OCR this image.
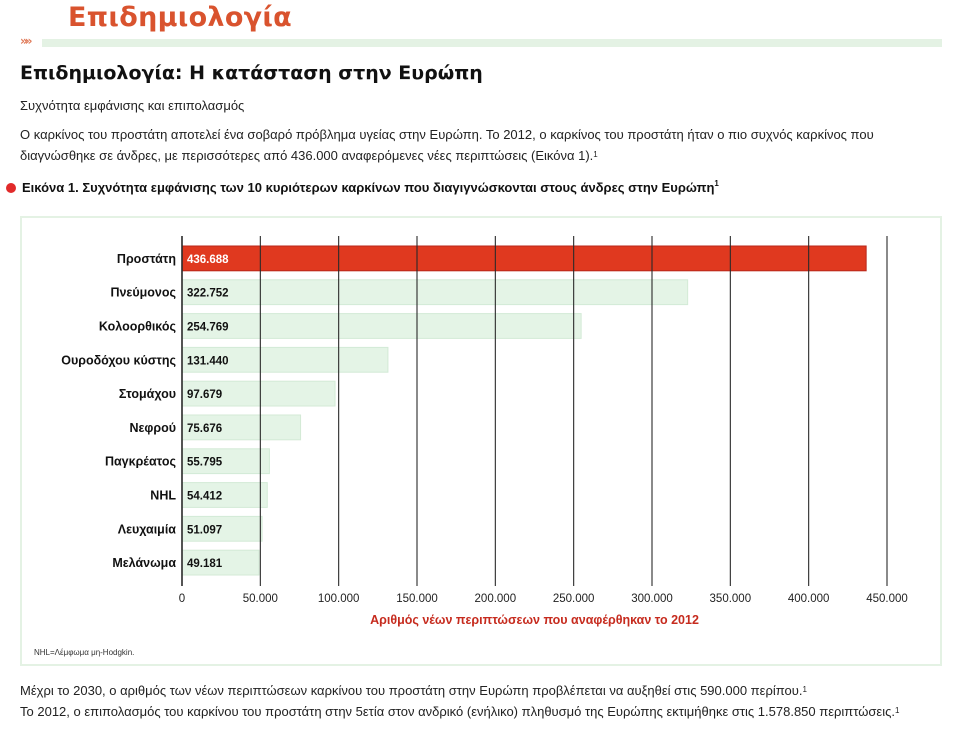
Επιδημιολογία
»»
Επιδημιολογία: Η κατάσταση στην Ευρώπη
Συχνότητα εμφάνισης και επιπολασμός

Ο καρκίνος του προστάτη αποτελεί ένα σοβαρό πρόβλημα υγείας στην Ευρώπη. Το 2012, ο καρκίνος του προστάτη ήταν ο πιο συχνός καρκίνος που διαγνώσθηκε σε άνδρες, με περισσότερες από 436.000 αναφερόμενες νέες περιπτώσεις (Εικόνα 1).$^1$

Εικόνα 1. Συχνότητα εμφάνισης των 10 κυριότερων καρκίνων που διαγιγνώσκονται στους άνδρες στην Ευρώπη$^1$
Προστάτη 436.688
Πνεύμονος 322.752
Κολοορθικός 254.769
Ουροδόχου κύστης 131.440
Στομάχου 97.679
Νεφρού 75.676
Παγκρέατος 55.795
NHL 54.412
Λευχαιμία 51.097
Μελάνωμα 49.181
0	50.000	100.000	150.000	200.000	250.000	300.000	350.000	400.000	450.000
Αριθμός νέων περιπτώσεων που αναφέρθηκαν το 2012
NHL=Λέμφωμα μη-Hodgkin.
Μέχρι το 2030, ο αριθμός των νέων περιπτώσεων καρκίνου του προστάτη στην Ευρώπη προβλέπεται να αυξηθεί στις 590.000 περίπου.$^1$
Το 2012, ο επιπολασμός του καρκίνου του προστάτη στην 5ετία στον ανδρικό (ενήλικο) πληθυσμό της Ευρώπης εκτιμήθηκε στις 1.578.850 περιπτώσεις.$^1$
